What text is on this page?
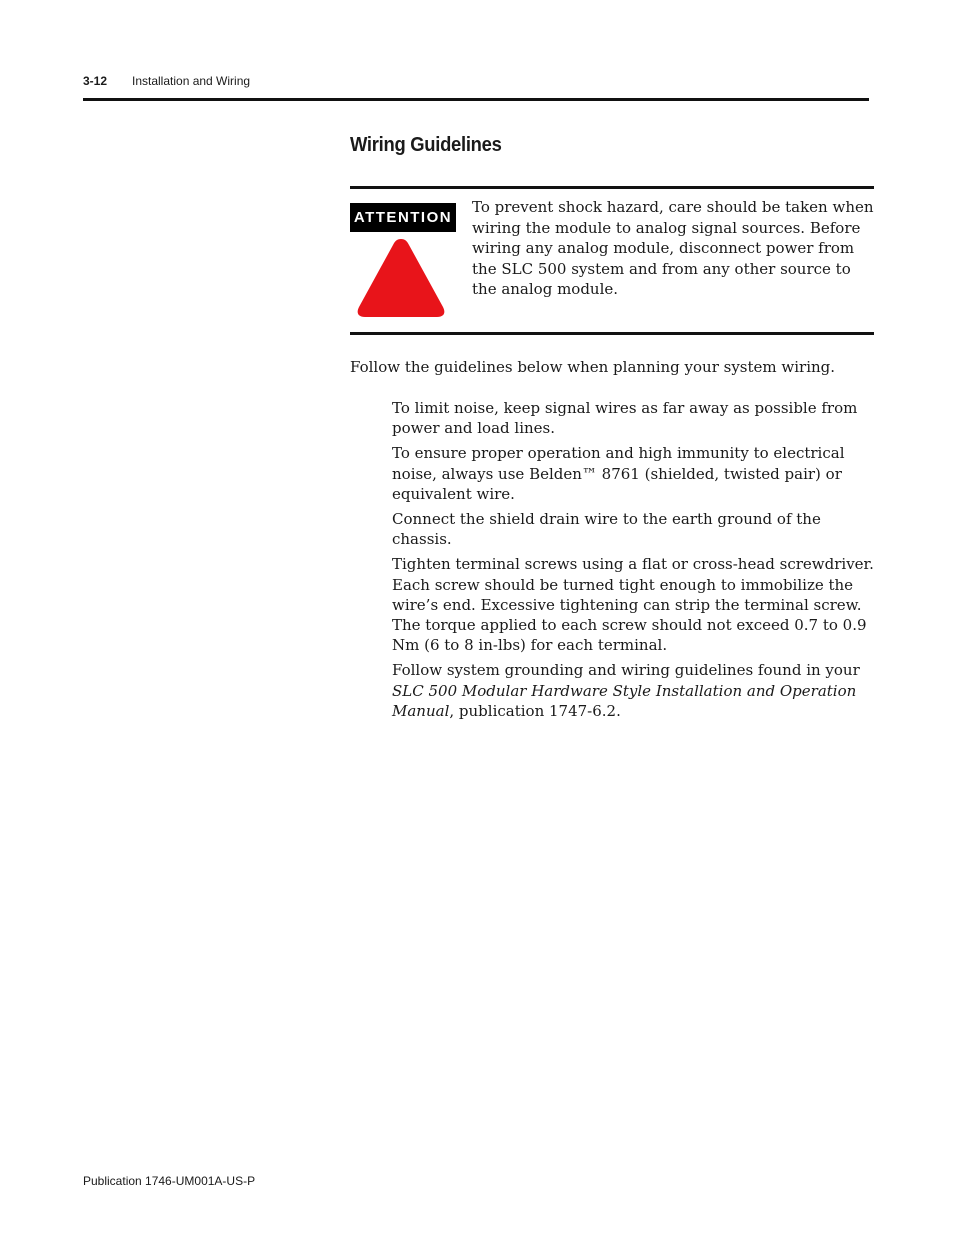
3-12 Installation and Wiring
Wiring Guidelines
ATTENTION
To prevent shock hazard, care should be taken when wiring the module to analog signal sources. Before wiring any analog module, disconnect power from the SLC 500 system and from any other source to the analog module.
Follow the guidelines below when planning your system wiring.
To limit noise, keep signal wires as far away as possible from power and load lines.
To ensure proper operation and high immunity to electrical noise, always use Belden™ 8761 (shielded, twisted pair) or equivalent wire.
Connect the shield drain wire to the earth ground of the chassis.
Tighten terminal screws using a flat or cross-head screwdriver. Each screw should be turned tight enough to immobilize the wire’s end. Excessive tightening can strip the terminal screw. The torque applied to each screw should not exceed 0.7 to 0.9 Nm (6 to 8 in-lbs) for each terminal.
Follow system grounding and wiring guidelines found in your SLC 500 Modular Hardware Style Installation and Operation Manual, publication 1747-6.2.
Publication 1746-UM001A-US-P
